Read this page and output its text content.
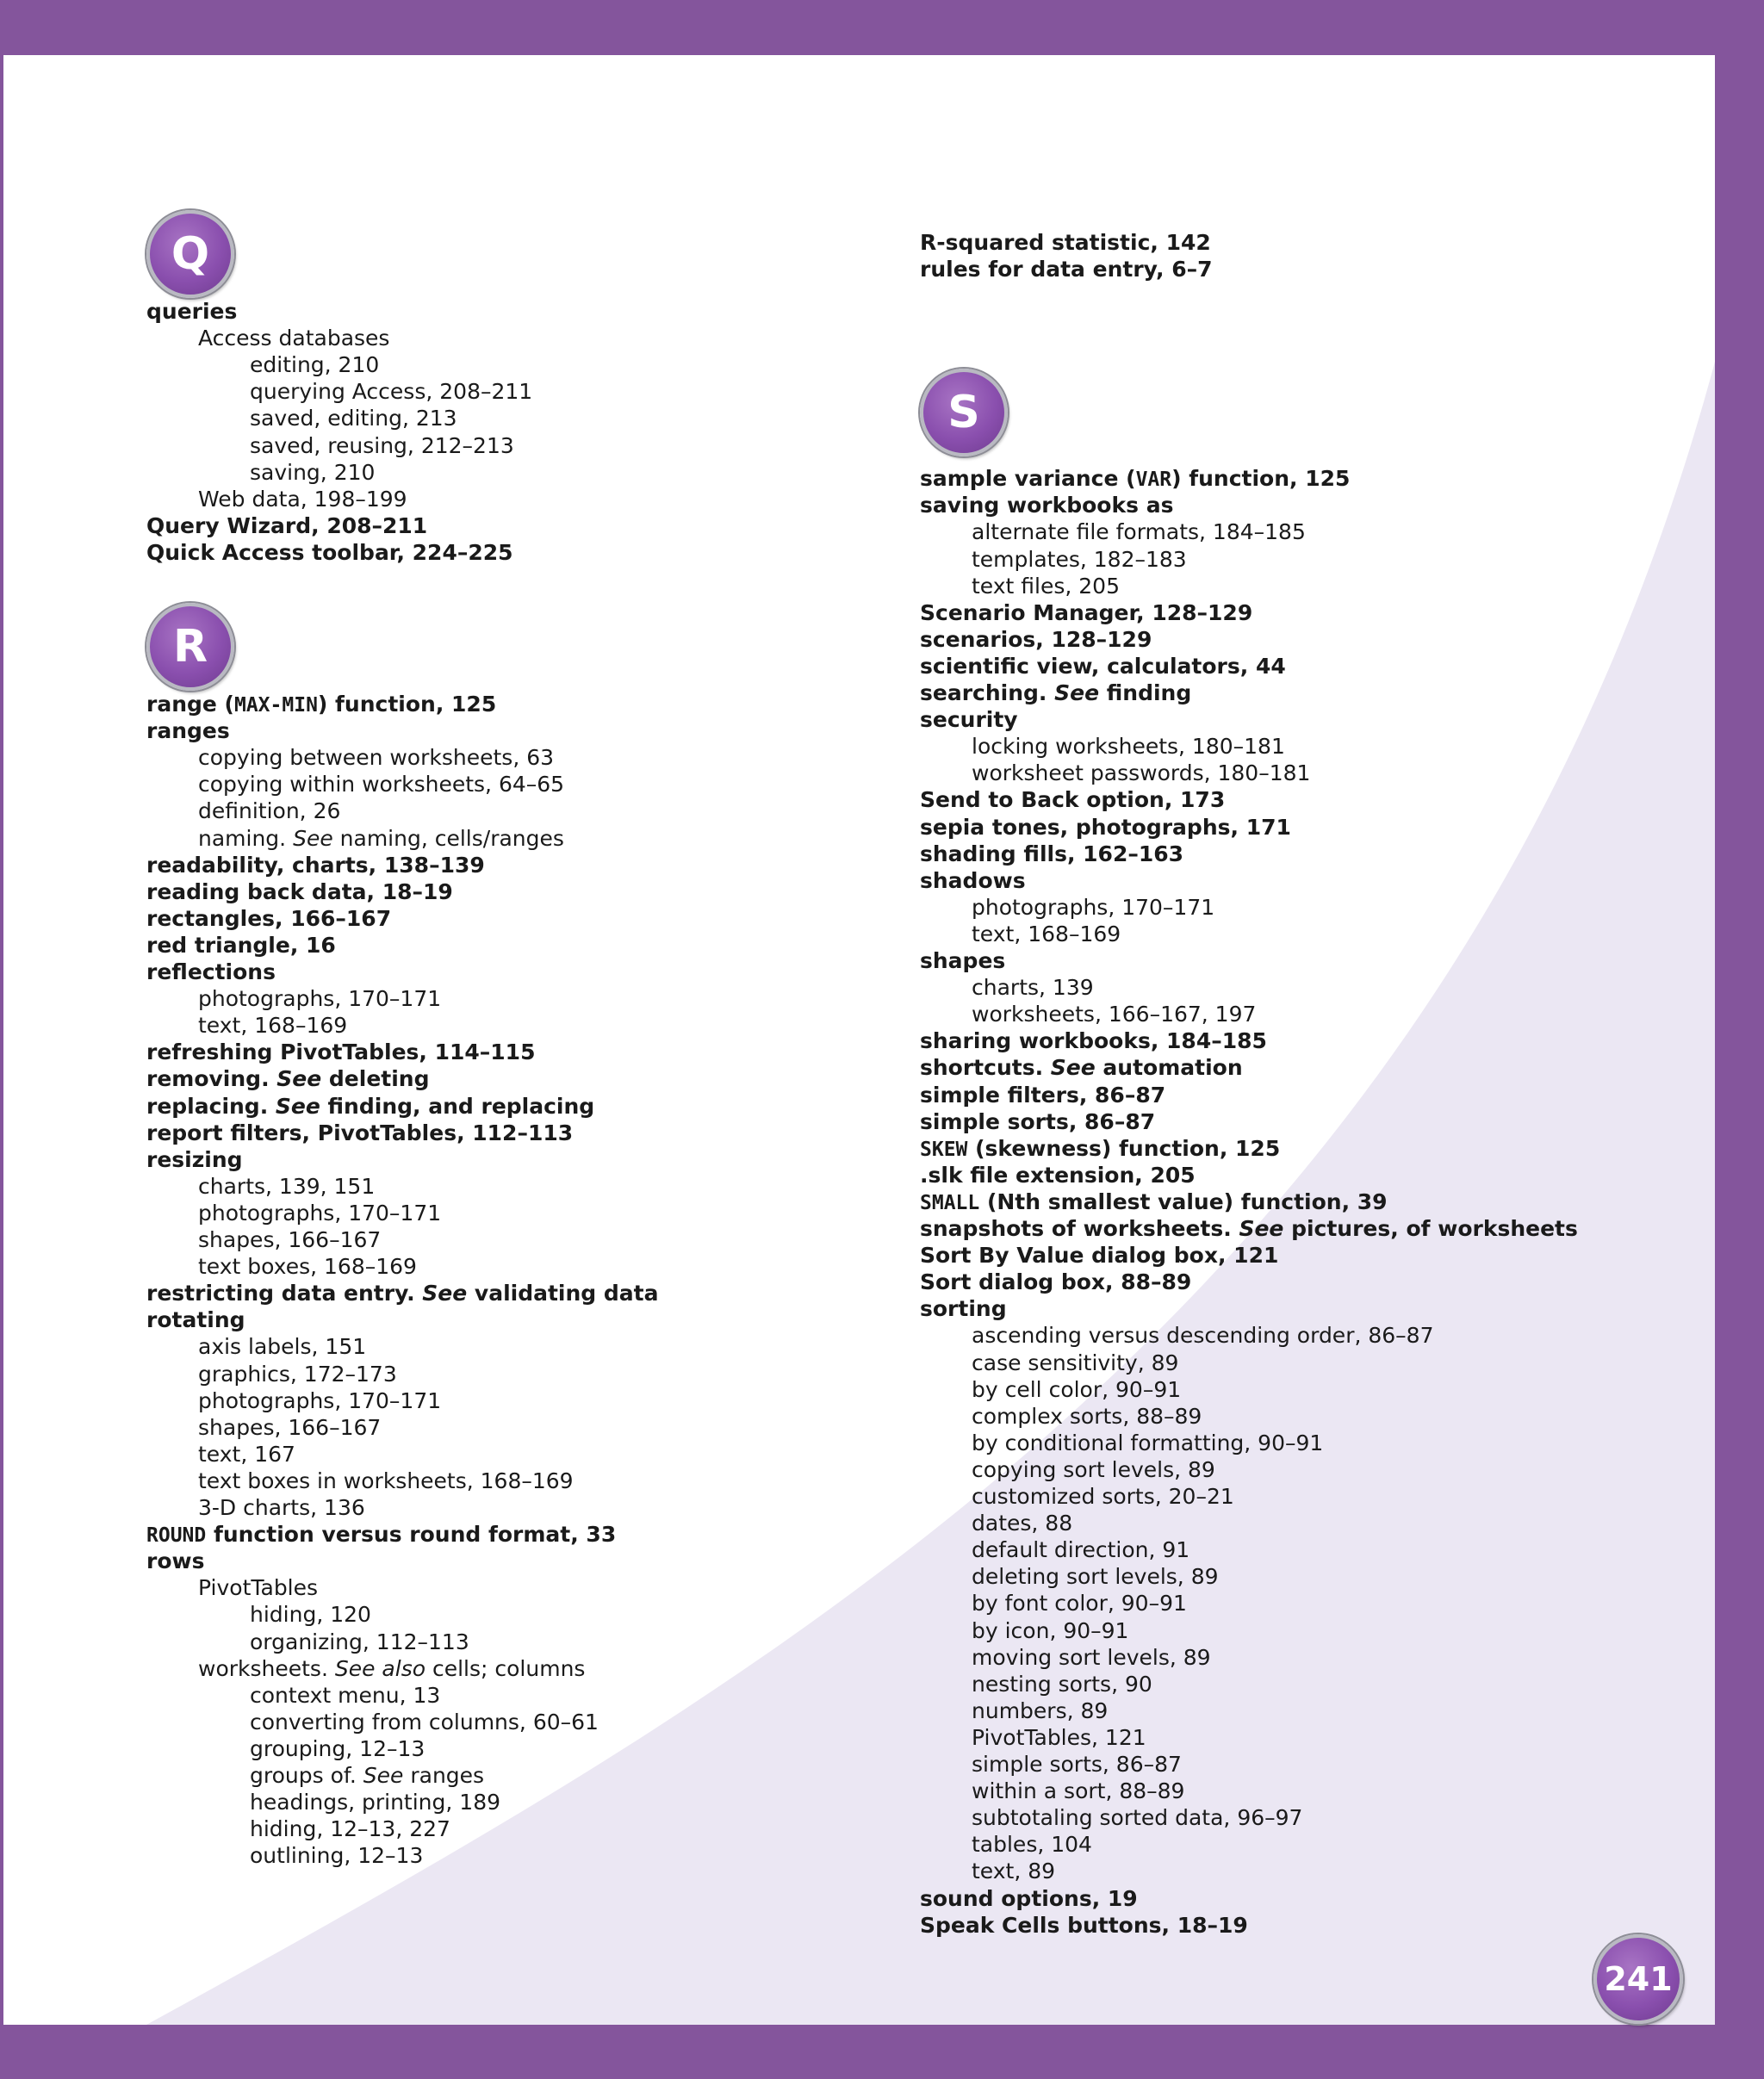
Q
queries
Access databases
editing, 210
querying Access, 208–211
saved, editing, 213
saved, reusing, 212–213
saving, 210
Web data, 198–199
Query Wizard, 208–211
Quick Access toolbar, 224–225
R
range (MAX-MIN) function, 125
ranges
copying between worksheets, 63
copying within worksheets, 64–65
definition, 26
naming. See naming, cells/ranges
readability, charts, 138–139
reading back data, 18–19
rectangles, 166–167
red triangle, 16
reflections
photographs, 170–171
text, 168–169
refreshing PivotTables, 114–115
removing. See deleting
replacing. See finding, and replacing
report filters, PivotTables, 112–113
resizing
charts, 139, 151
photographs, 170–171
shapes, 166–167
text boxes, 168–169
restricting data entry. See validating data
rotating
axis labels, 151
graphics, 172–173
photographs, 170–171
shapes, 166–167
text, 167
text boxes in worksheets, 168–169
3-D charts, 136
ROUND function versus round format, 33
rows
PivotTables
hiding, 120
organizing, 112–113
worksheets. See also cells; columns
context menu, 13
converting from columns, 60–61
grouping, 12–13
groups of. See ranges
headings, printing, 189
hiding, 12–13, 227
outlining, 12–13
R-squared statistic, 142
rules for data entry, 6–7
S
sample variance (VAR) function, 125
saving workbooks as
alternate file formats, 184–185
templates, 182–183
text files, 205
Scenario Manager, 128–129
scenarios, 128–129
scientific view, calculators, 44
searching. See finding
security
locking worksheets, 180–181
worksheet passwords, 180–181
Send to Back option, 173
sepia tones, photographs, 171
shading fills, 162–163
shadows
photographs, 170–171
text, 168–169
shapes
charts, 139
worksheets, 166–167, 197
sharing workbooks, 184–185
shortcuts. See automation
simple filters, 86–87
simple sorts, 86–87
SKEW (skewness) function, 125
.slk file extension, 205
SMALL (Nth smallest value) function, 39
snapshots of worksheets. See pictures, of worksheets
Sort By Value dialog box, 121
Sort dialog box, 88–89
sorting
ascending versus descending order, 86–87
case sensitivity, 89
by cell color, 90–91
complex sorts, 88–89
by conditional formatting, 90–91
copying sort levels, 89
customized sorts, 20–21
dates, 88
default direction, 91
deleting sort levels, 89
by font color, 90–91
by icon, 90–91
moving sort levels, 89
nesting sorts, 90
numbers, 89
PivotTables, 121
simple sorts, 86–87
within a sort, 88–89
subtotaling sorted data, 96–97
tables, 104
text, 89
sound options, 19
Speak Cells buttons, 18–19
241
